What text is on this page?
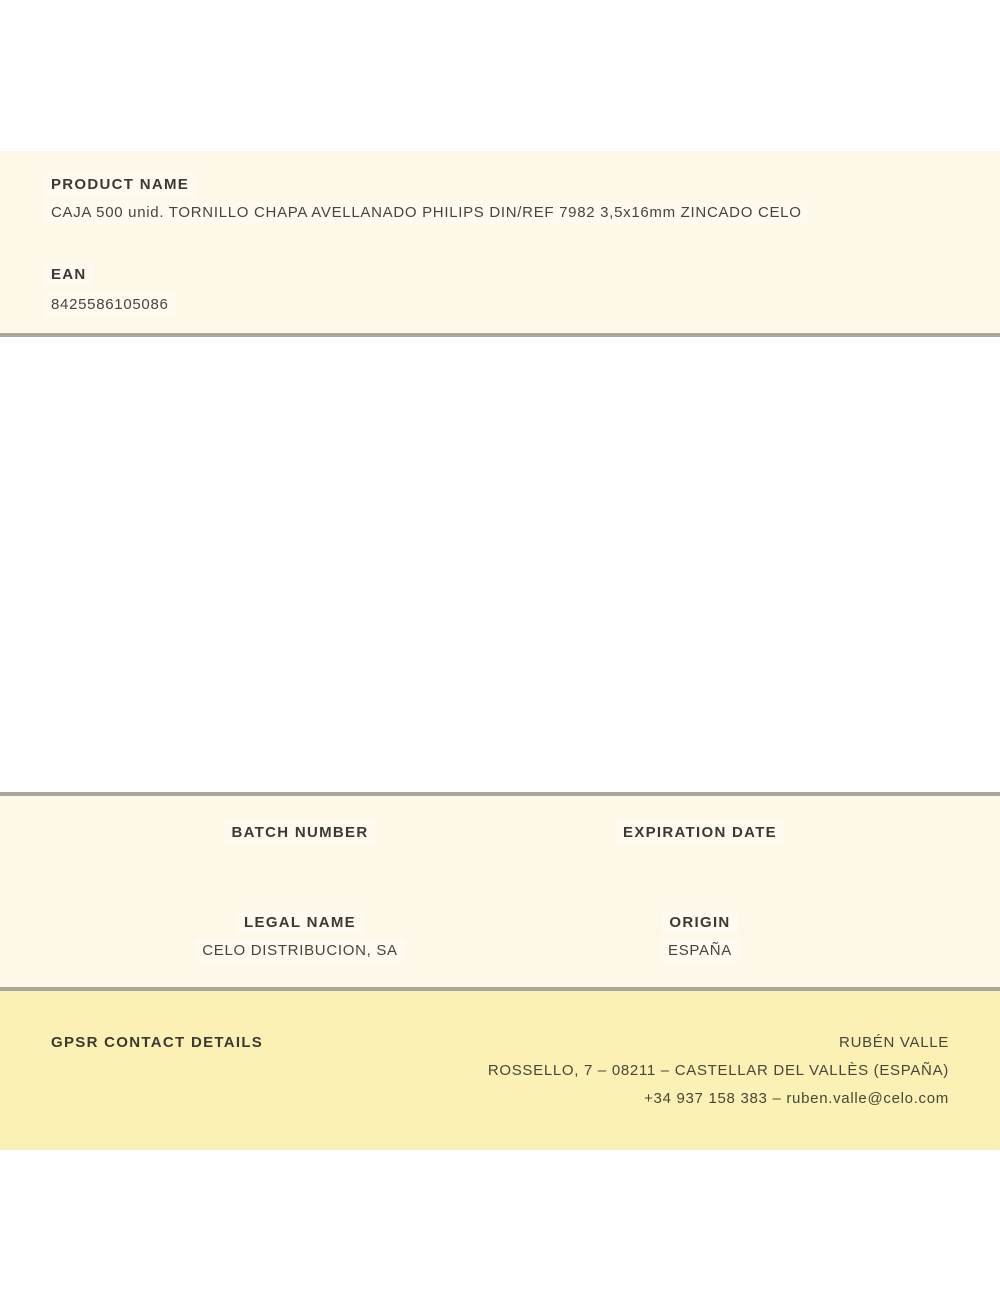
PRODUCT NAME
CAJA 500 unid. TORNILLO CHAPA AVELLANADO PHILIPS DIN/REF 7982 3,5x16mm ZINCADO CELO
EAN
8425586105086
BATCH NUMBER	EXPIRATION DATE
LEGAL NAME
CELO DISTRIBUCION, SA
ORIGIN
ESPAÑA
GPSR CONTACT DETAILS	RUBÉN VALLE
ROSSELLO, 7 – 08211 – CASTELLAR DEL VALLÈS (ESPAÑA)
+34 937 158 383 – ruben.valle@celo.com
